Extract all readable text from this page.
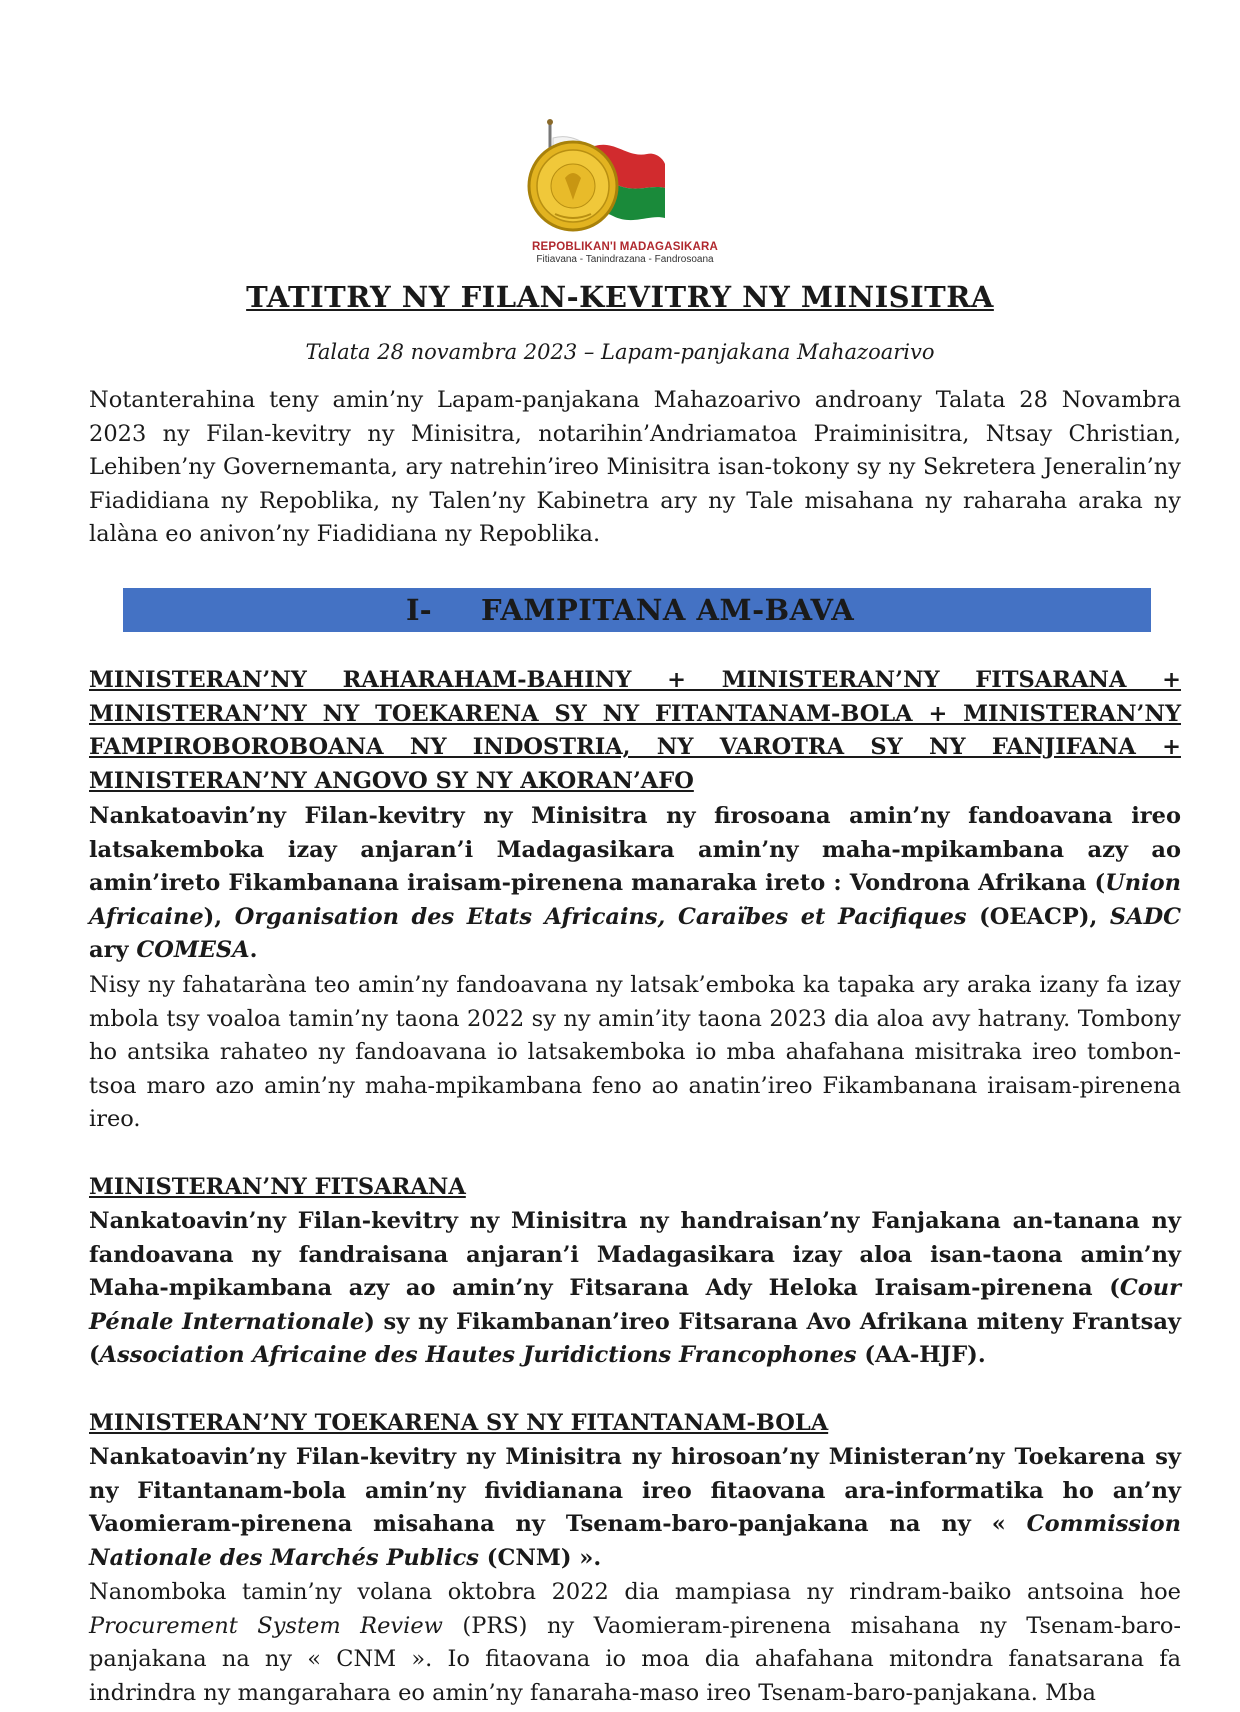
REPOBLIKAN'I MADAGASIKARA
Fitiavana - Tanindrazana - Fandrosoana
TATITRY NY FILAN-KEVITRY NY MINISITRA
Talata 28 novambra 2023 – Lapam-panjakana Mahazoarivo

Notanterahina teny amin’ny Lapam-panjakana Mahazoarivo androany Talata 28 Novambra 2023 ny Filan-kevitry ny Minisitra, notarihin’Andriamatoa Praiminisitra, Ntsay Christian, Lehiben’ny Governemanta, ary natrehin’ireo Minisitra isan-tokony sy ny Sekretera Jeneralin’ny Fiadidiana ny Repoblika, ny Talen’ny Kabinetra ary ny Tale misahana ny raharaha araka ny lalàna eo anivon’ny Fiadidiana ny Repoblika.

I- FAMPITANA AM-BAVA

MINISTERAN’NY RAHARAHAM-BAHINY + MINISTERAN’NY FITSARANA + MINISTERAN’NY NY TOEKARENA SY NY FITANTANAM-BOLA + MINISTERAN’NY FAMPIROBOROBOANA NY INDOSTRIA, NY VAROTRA SY NY FANJIFANA + MINISTERAN’NY ANGOVO SY NY AKORAN’AFO

Nankatoavin’ny Filan-kevitry ny Minisitra ny firosoana amin’ny fandoavana ireo latsakemboka izay anjaran’i Madagasikara amin’ny maha-mpikambana azy ao amin’ireto Fikambanana iraisam-pirenena manaraka ireto : Vondrona Afrikana (Union Africaine), Organisation des Etats Africains, Caraïbes et Pacifiques (OEACP), SADC ary COMESA.

Nisy ny fahataràna teo amin’ny fandoavana ny latsak’emboka ka tapaka ary araka izany fa izay mbola tsy voaloa tamin’ny taona 2022 sy ny amin’ity taona 2023 dia aloa avy hatrany. Tombony ho antsika rahateo ny fandoavana io latsakemboka io mba ahafahana misitraka ireo tombon-tsoa maro azo amin’ny maha-mpikambana feno ao anatin’ireo Fikambanana iraisam-pirenena ireo.

MINISTERAN’NY FITSARANA

Nankatoavin’ny Filan-kevitry ny Minisitra ny handraisan’ny Fanjakana an-tanana ny fandoavana ny fandraisana anjaran’i Madagasikara izay aloa isan-taona amin’ny Maha-mpikambana azy ao amin’ny Fitsarana Ady Heloka Iraisam-pirenena (Cour Pénale Internationale) sy ny Fikambanan’ireo Fitsarana Avo Afrikana miteny Frantsay (Association Africaine des Hautes Juridictions Francophones (AA-HJF).

MINISTERAN’NY TOEKARENA SY NY FITANTANAM-BOLA

Nankatoavin’ny Filan-kevitry ny Minisitra ny hirosoan’ny Ministeran’ny Toekarena sy ny Fitantanam-bola amin’ny fividianana ireo fitaovana ara-informatika ho an’ny Vaomieram-pirenena misahana ny Tsenam-baro-panjakana na ny « Commission Nationale des Marchés Publics (CNM) ».

Nanomboka tamin’ny volana oktobra 2022 dia mampiasa ny rindram-baiko antsoina hoe Procurement System Review (PRS) ny Vaomieram-pirenena misahana ny Tsenam-baro-panjakana na ny « CNM ». Io fitaovana io moa dia ahafahana mitondra fanatsarana fa indrindra ny mangarahara eo amin’ny fanaraha-maso ireo Tsenam-baro-panjakana. Mba
